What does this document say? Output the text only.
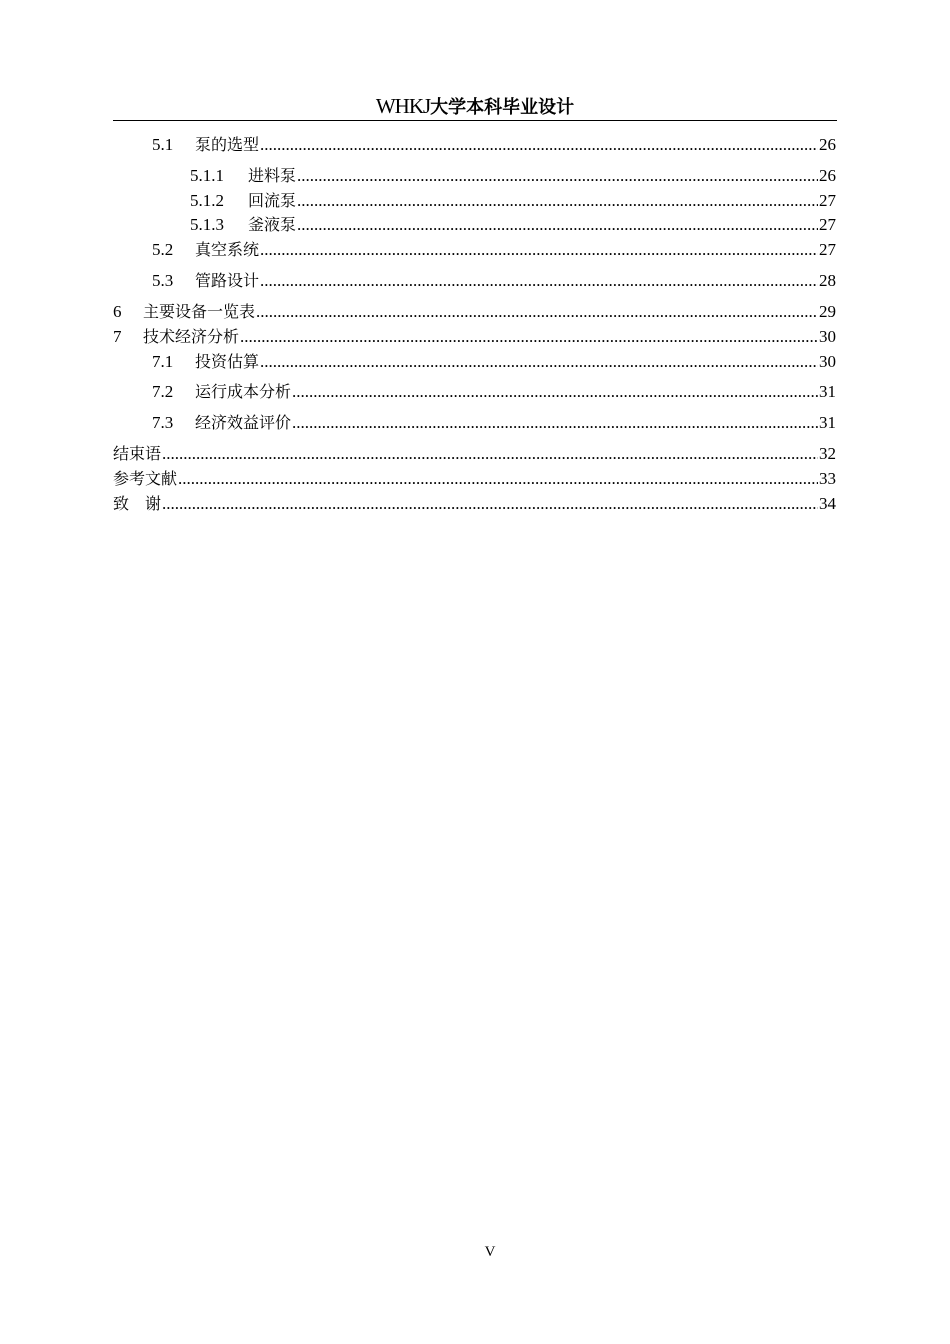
WHKJ大学本科毕业设计
5.1	泵的选型 .....	26
5.1.1	进料泵 .....	26
5.1.2	回流泵 .....	27
5.1.3	釜液泵 .....	27
5.2	真空系统 .....	27
5.3	管路设计 .....	28
6	主要设备一览表 .....	29
7	技术经济分析 .....	30
7.1	投资估算 .....	30
7.2	运行成本分析 .....	31
7.3	经济效益评价 .....	31
结束语 .....	32
参考文献 .....	33
致　谢 .....	34
V
